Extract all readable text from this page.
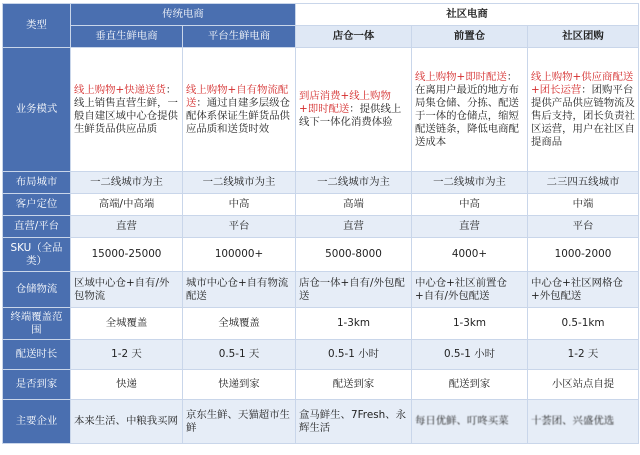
类型	传统电商		社区电商		
	垂直生鲜电商	平台生鲜电商	店仓一体	前置仓	社区团购
业务模式	线上购物+快递送货：线上销售直营生鲜，一般自建区域中心仓提供生鲜货品供应品质	线上购物+自有物流配送：通过自建多层级仓配体系保证生鲜货品供应品质和送货时效	到店消费+线上购物+即时配送：提供线上线下一体化消费体验	线上购物+即时配送：在离用户最近的地方布局集仓储、分拣、配送于一体的仓储点，缩短配送链条，降低电商配送成本	线上购物+供应商配送+团长运营：团购平台提供产品供应链物流及售后支持，团长负责社区运营，用户在社区自提商品
布局城市	一二线城市为主	一二线城市为主	一二线城市为主	一二线城市为主	二三四五线城市
客户定位	高端/中高端	中高	高端	中高	中端
直营/平台	直营	平台	直营	直营	平台
SKU（全品类）	15000-25000	100000+	5000-8000	4000+	1000-2000
仓储物流	区域中心仓+自有/外包物流	城市中心仓+自有物流配送	店仓一体+自有/外包配送	中心仓+社区前置仓+自有/外包配送	中心仓+社区网格仓+外包配送
终端覆盖范围	全城覆盖	全城覆盖	1-3km	1-3km	0.5-1km
配送时长	1-2 天	0.5-1 天	0.5-1 小时	0.5-1 小时	1-2 天
是否到家	快递	快递到家	配送到家	配送到家	小区站点自提
主要企业	本来生活、中粮我买网	京东生鲜、天猫超市生鲜	盒马鲜生、7Fresh、永辉生活	每日优鲜、叮咚买菜	十荟团、兴盛优选
